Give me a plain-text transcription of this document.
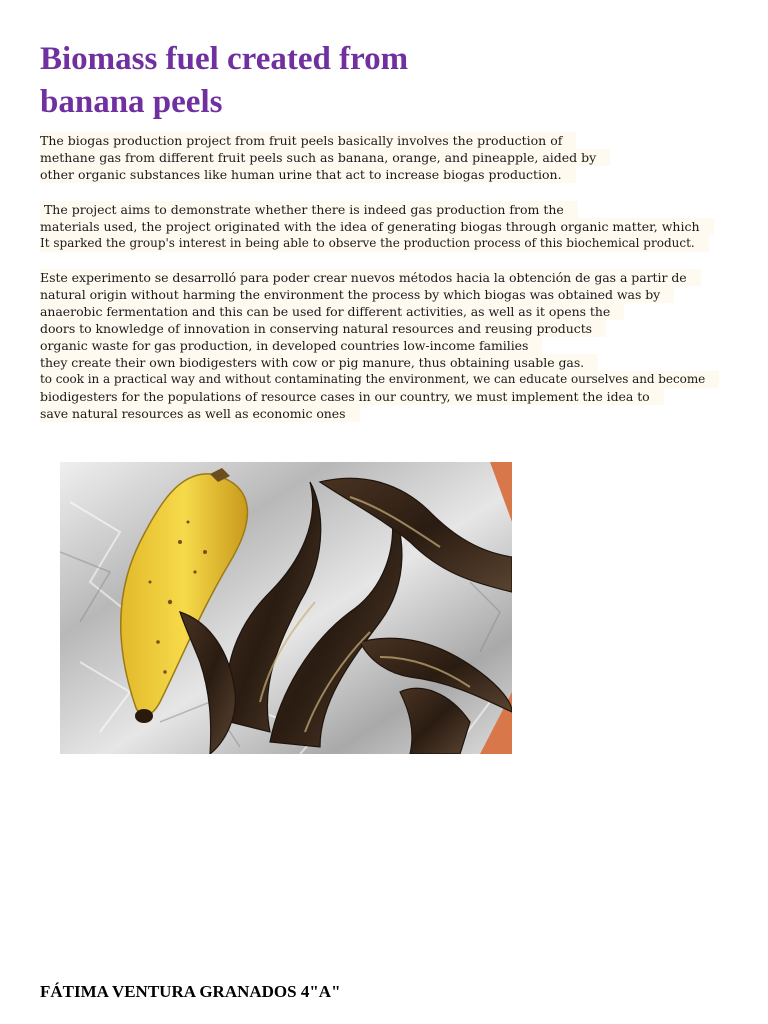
Biomass fuel created from
banana peels

The biogas production project from fruit peels basically involves the production of
methane gas from different fruit peels such as banana, orange, and pineapple, aided by
other organic substances like human urine that act to increase biogas production.

The project aims to demonstrate whether there is indeed gas production from the
materials used, the project originated with the idea of generating biogas through organic matter, which
It sparked the group's interest in being able to observe the production process of this biochemical product.

Este experimento se desarrolló para poder crear nuevos métodos hacia la obtención de gas a partir de
natural origin without harming the environment the process by which biogas was obtained was by
anaerobic fermentation and this can be used for different activities, as well as it opens the
doors to knowledge of innovation in conserving natural resources and reusing products
organic waste for gas production, in developed countries low-income families
they create their own biodigesters with cow or pig manure, thus obtaining usable gas.
to cook in a practical way and without contaminating the environment, we can educate ourselves and become
biodigesters for the populations of resource cases in our country, we must implement the idea to
save natural resources as well as economic ones

FÁTIMA VENTURA GRANADOS 4"A"
